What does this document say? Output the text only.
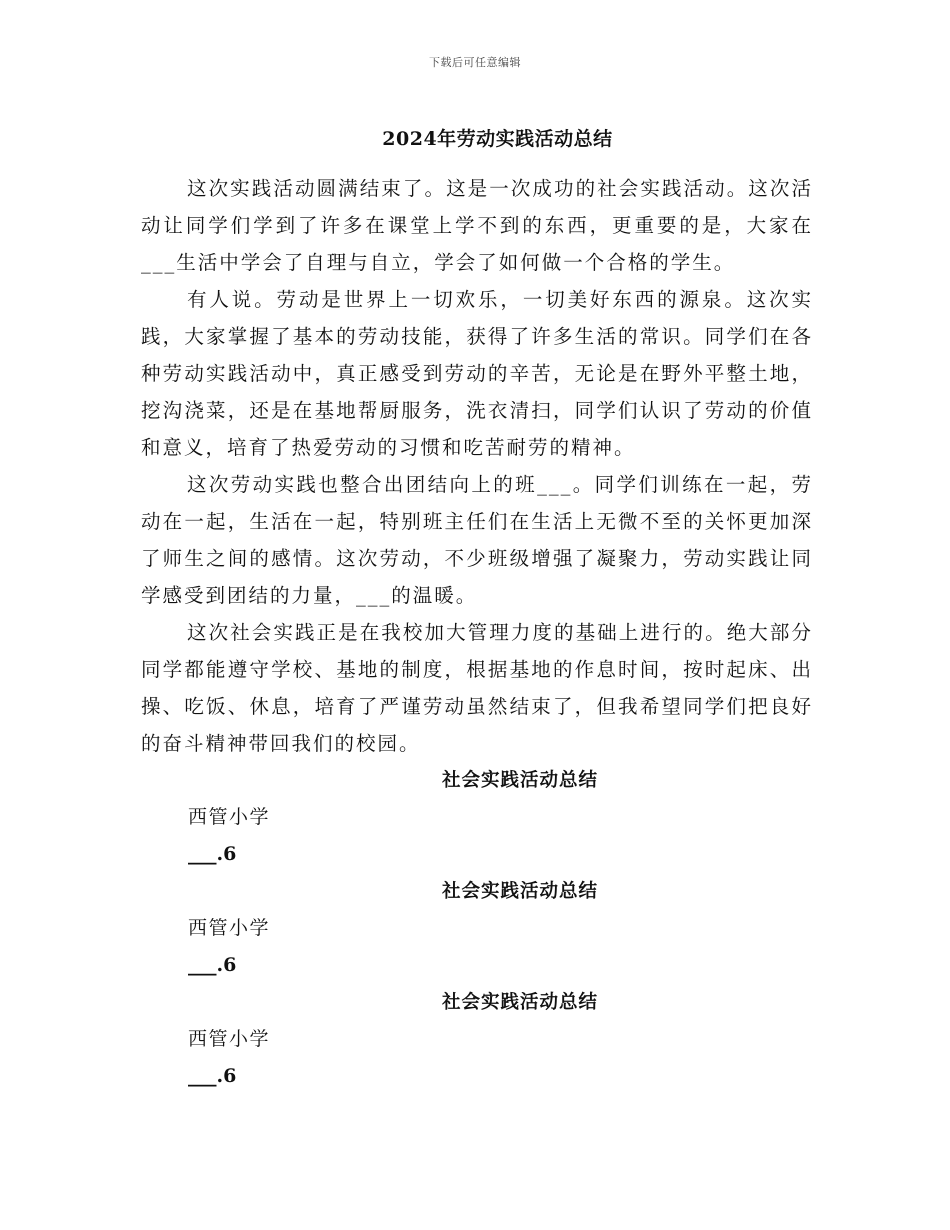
下载后可任意编辑
2024年劳动实践活动总结

这次实践活动圆满结束了。这是一次成功的社会实践活动。这次活动让同学们学到了许多在课堂上学不到的东西，更重要的是，大家在___生活中学会了自理与自立，学会了如何做一个合格的学生。

有人说。劳动是世界上一切欢乐，一切美好东西的源泉。这次实践，大家掌握了基本的劳动技能，获得了许多生活的常识。同学们在各种劳动实践活动中，真正感受到劳动的辛苦，无论是在野外平整土地，挖沟浇菜，还是在基地帮厨服务，洗衣清扫，同学们认识了劳动的价值和意义，培育了热爱劳动的习惯和吃苦耐劳的精神。

这次劳动实践也整合出团结向上的班___。同学们训练在一起，劳动在一起，生活在一起，特别班主任们在生活上无微不至的关怀更加深了师生之间的感情。这次劳动，不少班级增强了凝聚力，劳动实践让同学感受到团结的力量，___的温暖。

这次社会实践正是在我校加大管理力度的基础上进行的。绝大部分同学都能遵守学校、基地的制度，根据基地的作息时间，按时起床、出操、吃饭、休息，培育了严谨劳动虽然结束了，但我希望同学们把良好的奋斗精神带回我们的校园。

社会实践活动总结
西管小学
___.6
社会实践活动总结
西管小学
___.6
社会实践活动总结
西管小学
___.6
